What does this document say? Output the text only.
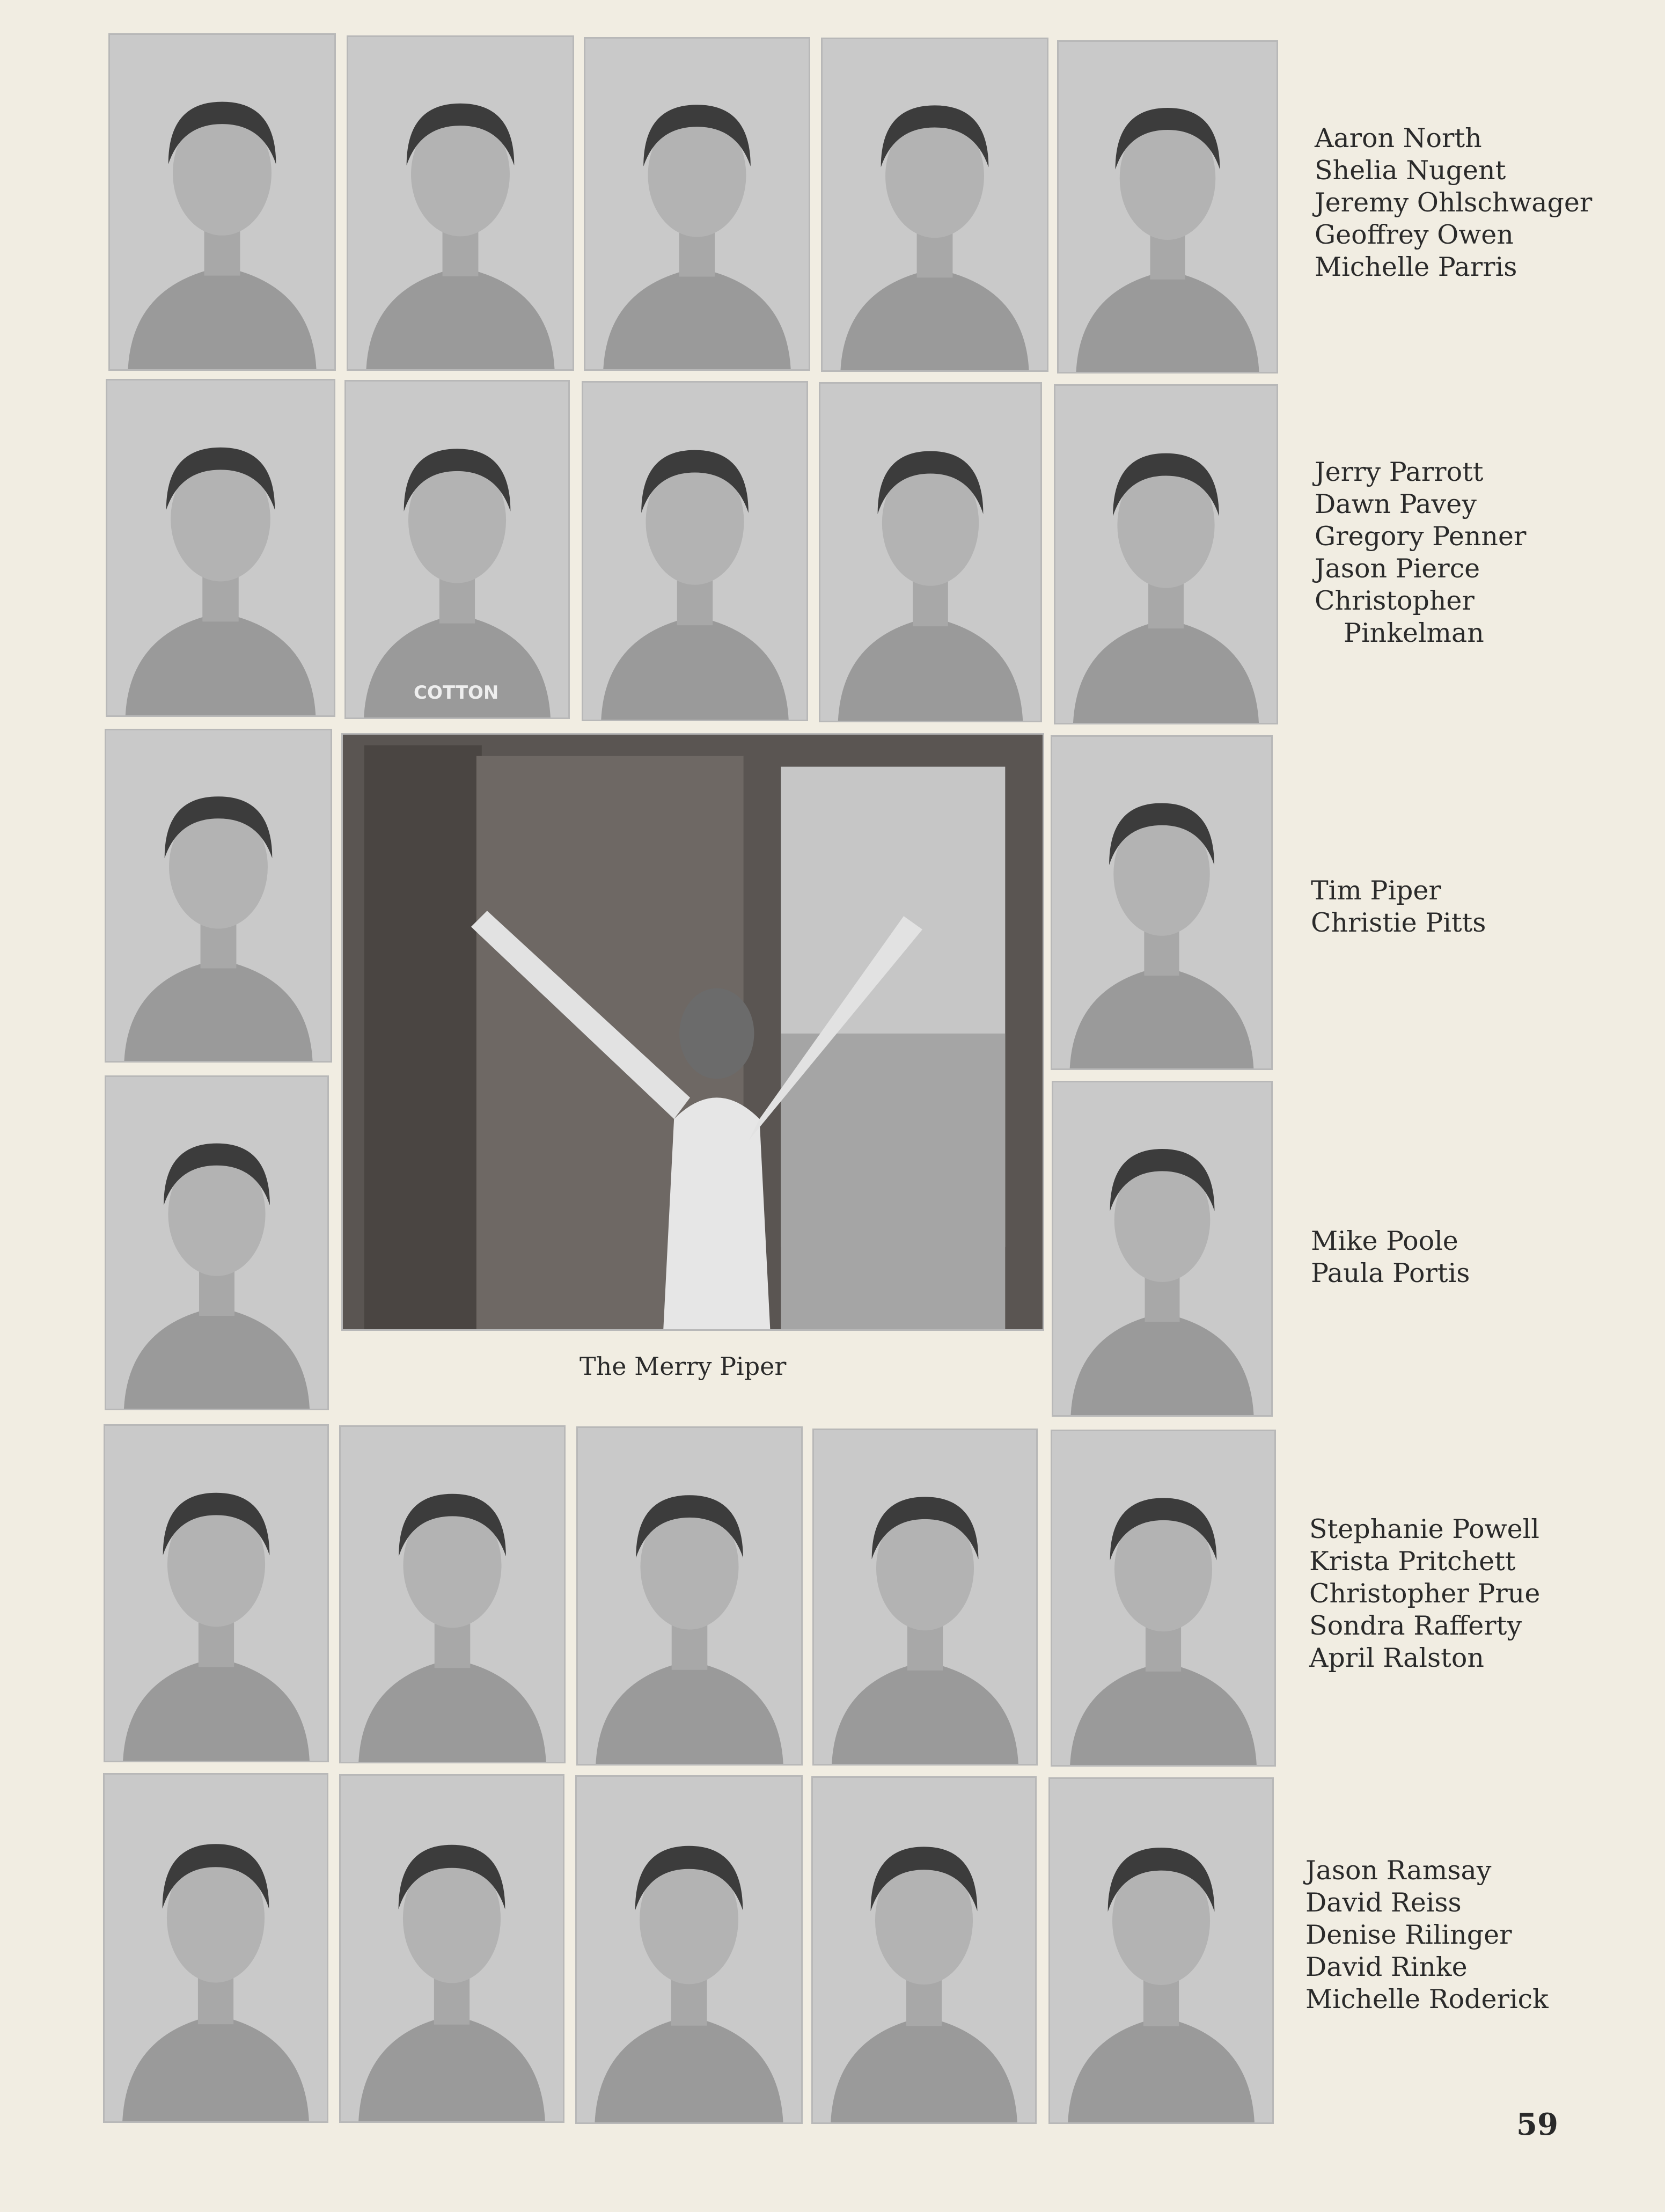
Aaron North
Shelia Nugent
Jeremy Ohlschwager
Geoffrey Owen
Michelle Parris
COTTON
Jerry Parrott
Dawn Pavey
Gregory Penner
Jason Pierce
Christopher
Pinkelman
The Merry Piper
Tim Piper
Christie Pitts
Mike Poole
Paula Portis
Stephanie Powell
Krista Pritchett
Christopher Prue
Sondra Rafferty
April Ralston
Jason Ramsay
David Reiss
Denise Rilinger
David Rinke
Michelle Roderick
59
